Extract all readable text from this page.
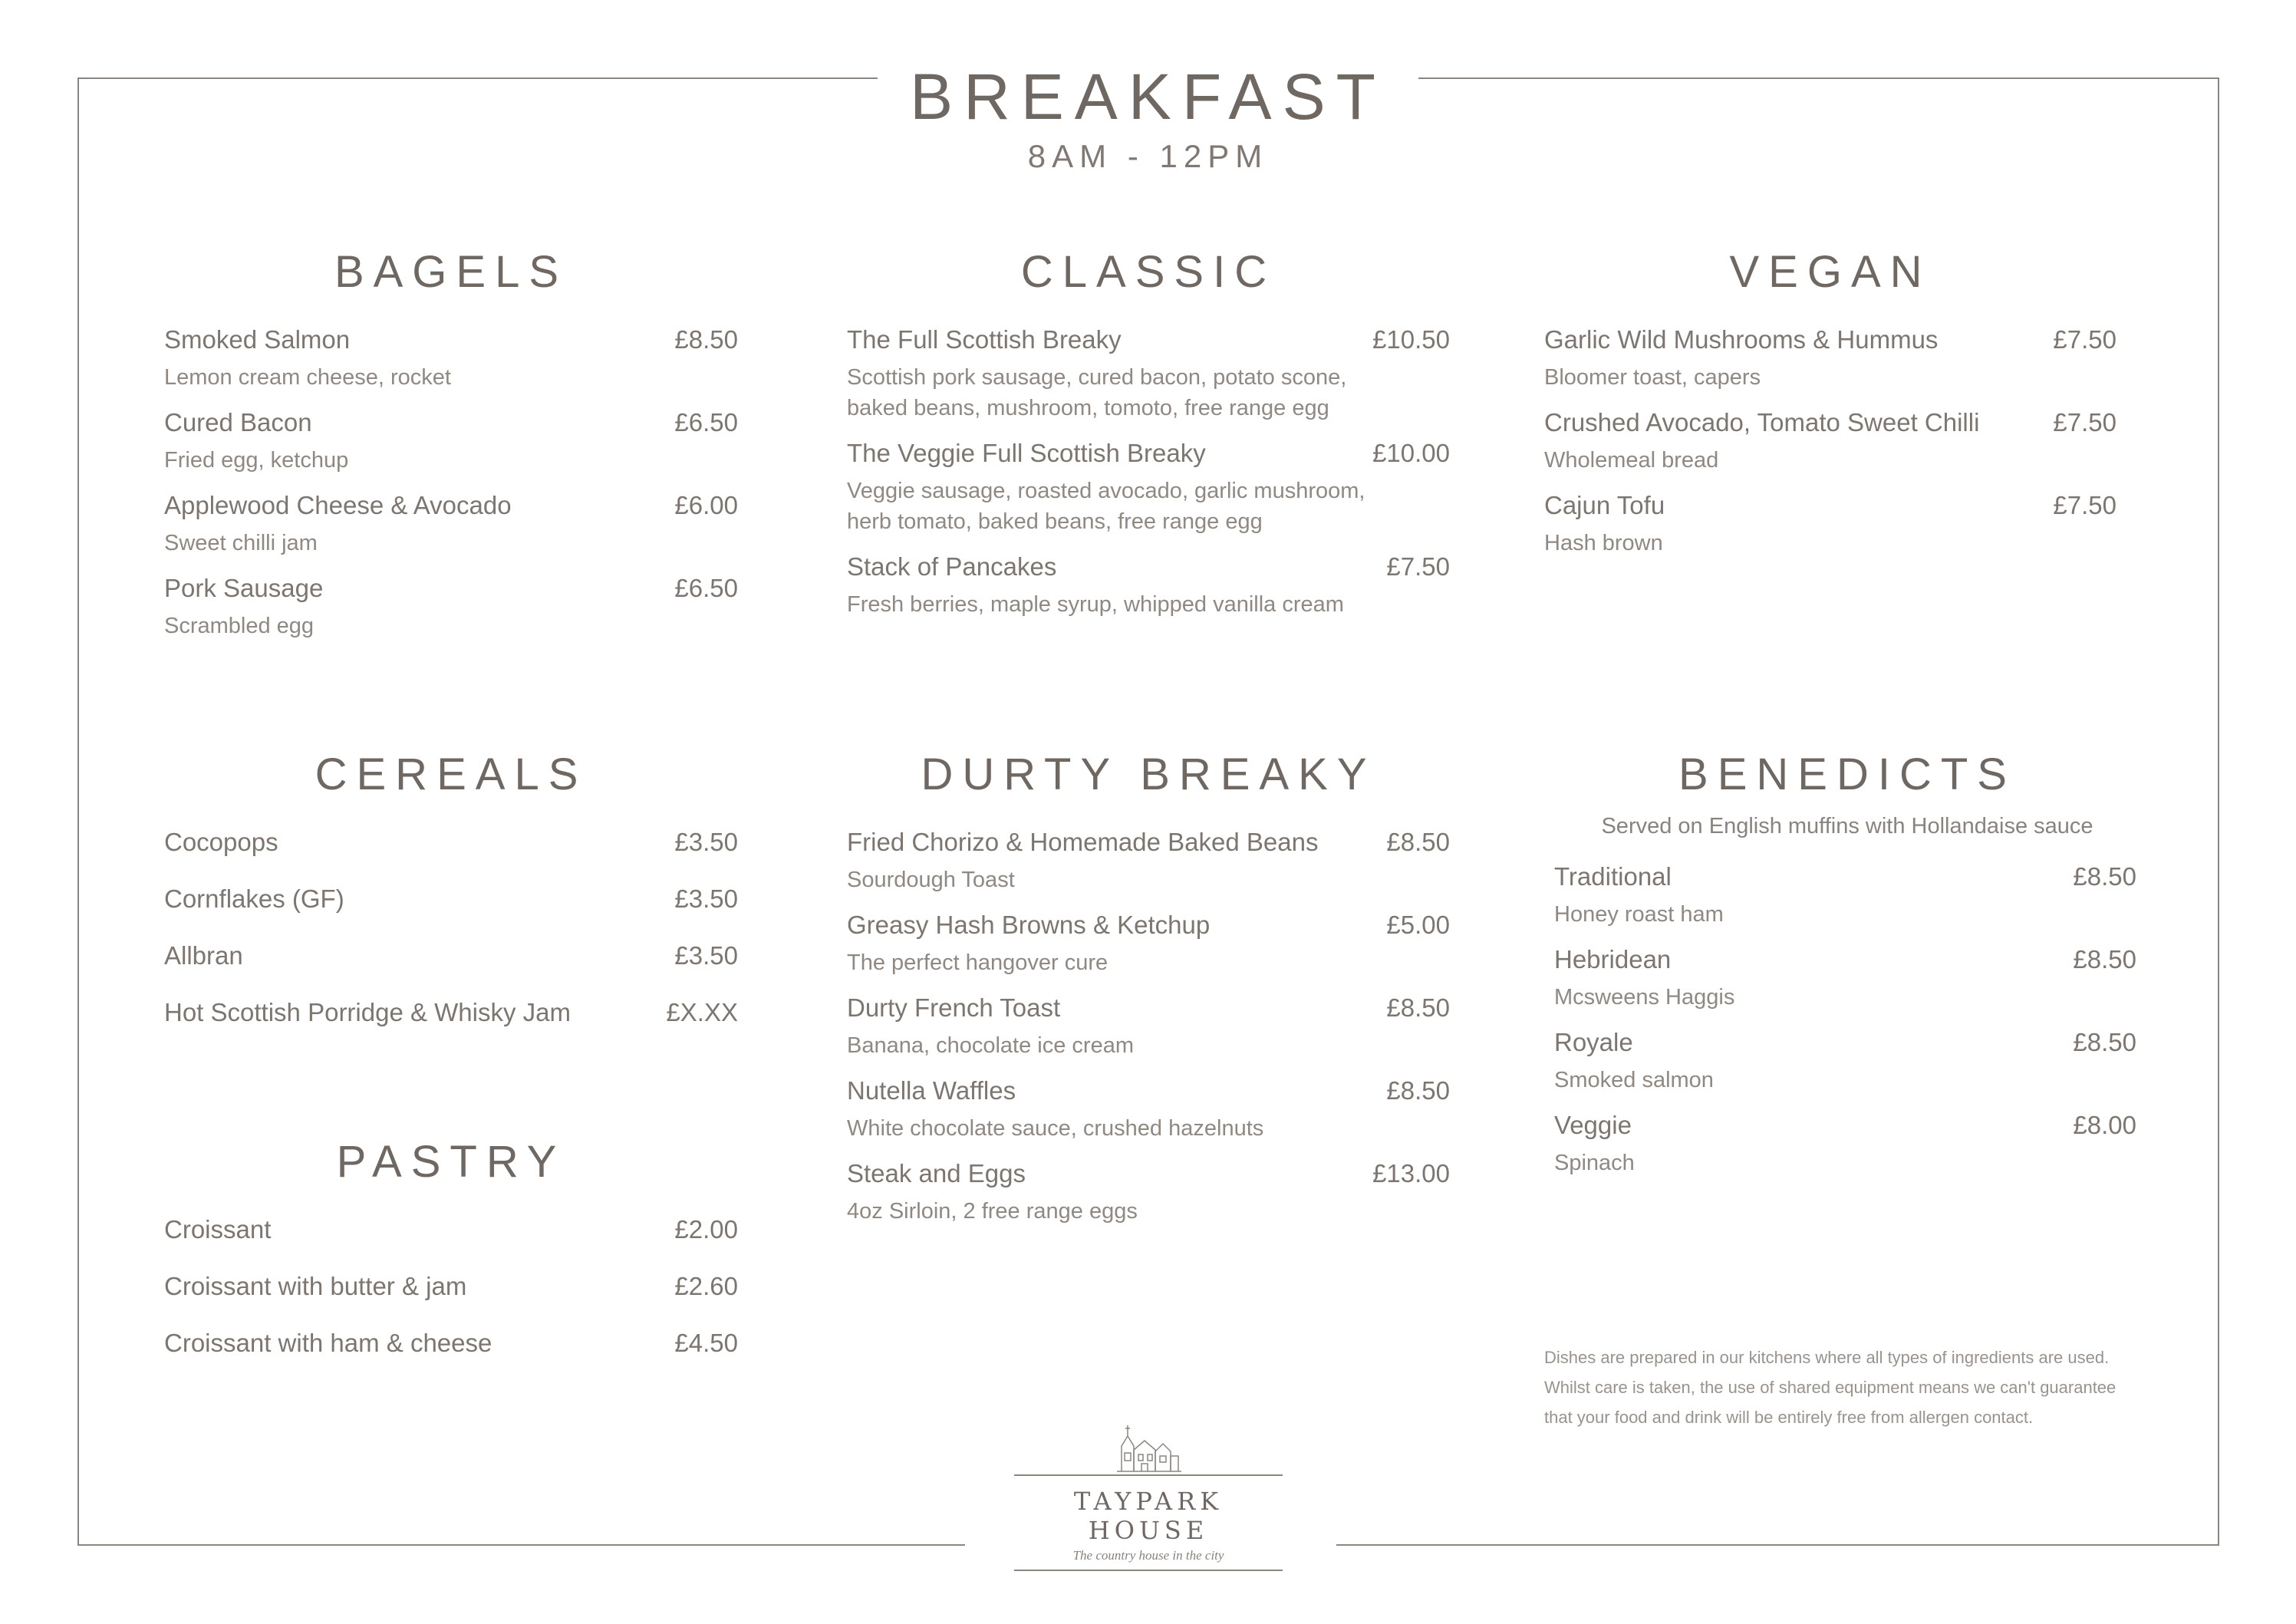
BREAKFAST
8AM - 12PM
BAGELS
Smoked Salmon	£8.50
Lemon cream cheese, rocket
Cured Bacon	£6.50
Fried egg, ketchup
Applewood Cheese & Avocado	£6.00
Sweet chilli jam
Pork Sausage	£6.50
Scrambled egg
CLASSIC
The Full Scottish Breaky	£10.50
Scottish pork sausage, cured bacon, potato scone, baked beans, mushroom, tomoto, free range egg
The Veggie Full Scottish Breaky	£10.00
Veggie sausage, roasted avocado, garlic mushroom, herb tomato, baked beans, free range egg
Stack of Pancakes	£7.50
Fresh berries, maple syrup, whipped vanilla cream
VEGAN
Garlic Wild Mushrooms & Hummus	£7.50
Bloomer toast, capers
Crushed Avocado, Tomato Sweet Chilli	£7.50
Wholemeal bread
Cajun Tofu	£7.50
Hash brown
CEREALS
Cocopops	£3.50
Cornflakes (GF)	£3.50
Allbran	£3.50
Hot Scottish Porridge & Whisky Jam	£X.XX
PASTRY
Croissant	£2.00
Croissant with butter & jam	£2.60
Croissant with ham & cheese	£4.50
DURTY BREAKY
Fried Chorizo & Homemade Baked Beans	£8.50
Sourdough Toast
Greasy Hash Browns & Ketchup	£5.00
The perfect hangover cure
Durty French Toast	£8.50
Banana, chocolate ice cream
Nutella Waffles	£8.50
White chocolate sauce, crushed hazelnuts
Steak and Eggs	£13.00
4oz Sirloin, 2 free range eggs
BENEDICTS
Served on English muffins with Hollandaise sauce
Traditional	£8.50
Honey roast ham
Hebridean	£8.50
Mcsweens Haggis
Royale	£8.50
Smoked salmon
Veggie	£8.00
Spinach
Dishes are prepared in our kitchens where all types of ingredients are used.
Whilst care is taken, the use of shared equipment means we can't guarantee
that your food and drink will be entirely free from allergen contact.
TAYPARK HOUSE
The country house in the city
